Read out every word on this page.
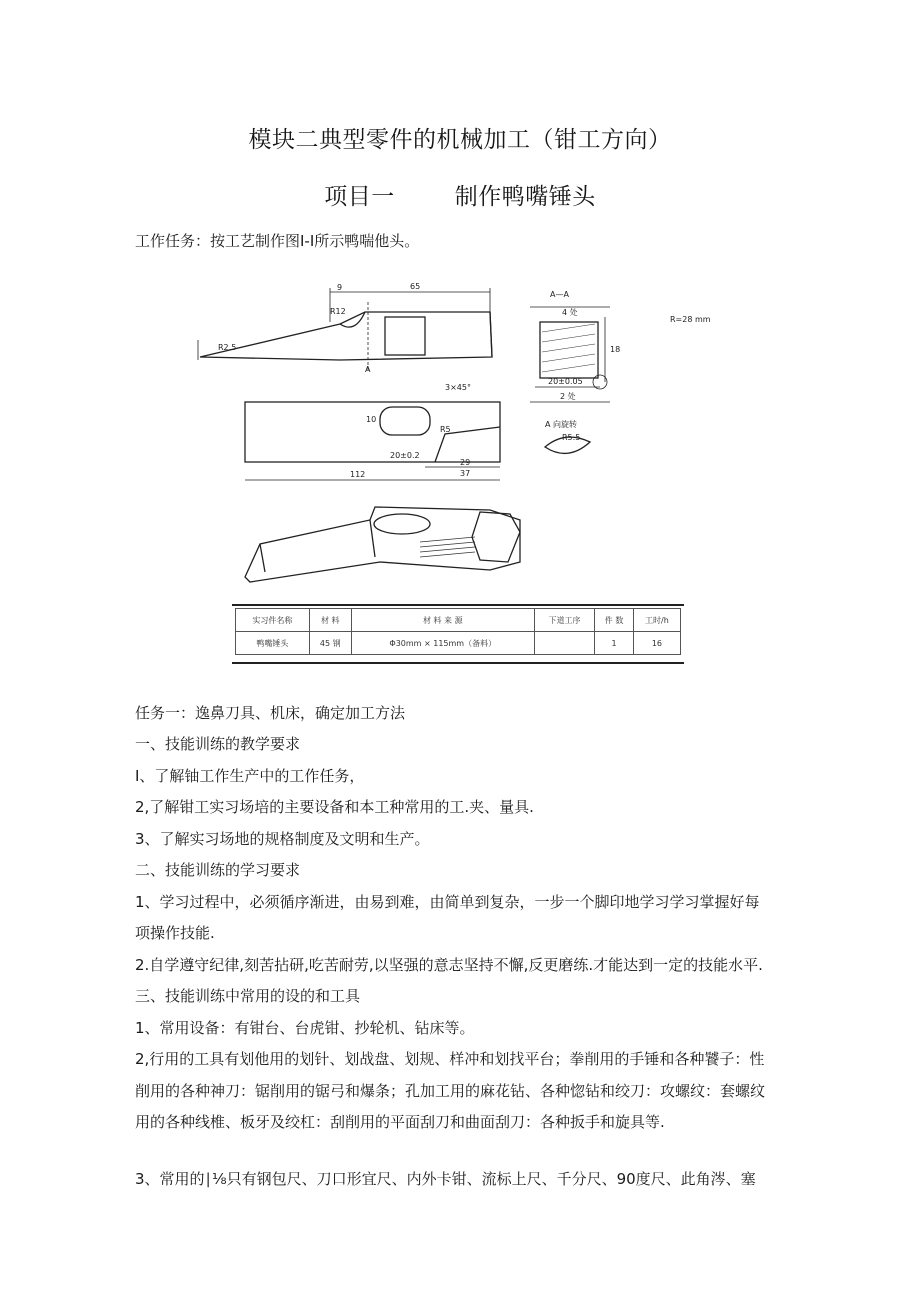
模块二典型零件的机械加工（钳工方向）
项目一	制作鸭嘴锤头
工作任务：按工艺制作图I-I所示鸭喘他头。
9	65
R12
R2.5
A
A—A
4 处
R=28 mm
20±0.05
2 处
A 向旋转
R5.5
112
29
37
20±0.2
R5
3×45°
10
18
实习件名称	材 料	材 料 来 源	下道工序	件 数	工时/h
鸭嘴锤头	45 钢	Φ30mm × 115mm（备料）		1	16
任务一：逸鼻刀具、机床，确定加工方法
一、技能训练的教学要求
I、了解铀工作生产中的工作任务，
2,了解钳工实习场培的主要设备和本工种常用的工.夹、量具.
3、了解实习场地的规格制度及文明和生产。
二、技能训练的学习要求
1、学习过程中，必须循序渐进，由易到难，由简单到复杂，一步一个脚印地学习学习掌握好每
项操作技能.
2.自学遵守纪律,刻苦拈研,吃苦耐劳,以坚强的意志坚持不懈,反更磨练.才能达到一定的技能水平.
三、技能训练中常用的设的和工具
1、常用设备：有钳台、台虎钳、抄轮机、钻床等。
2,行用的工具有划他用的划针、划战盘、划规、样冲和划找平台；拳削用的手锤和各种饕子：性
削用的各种神刀：锯削用的锯弓和爆条；孔加工用的麻花钻、各种惚钻和绞刀：攻螺纹：套螺纹
用的各种线椎、板牙及绞杠：刮削用的平面刮刀和曲面刮刀：各种扳手和旋具等.
3、常用的∣⅛只有钢包尺、刀口形宜尺、内外卡钳、流标上尺、千分尺、90度尺、此角涔、塞
